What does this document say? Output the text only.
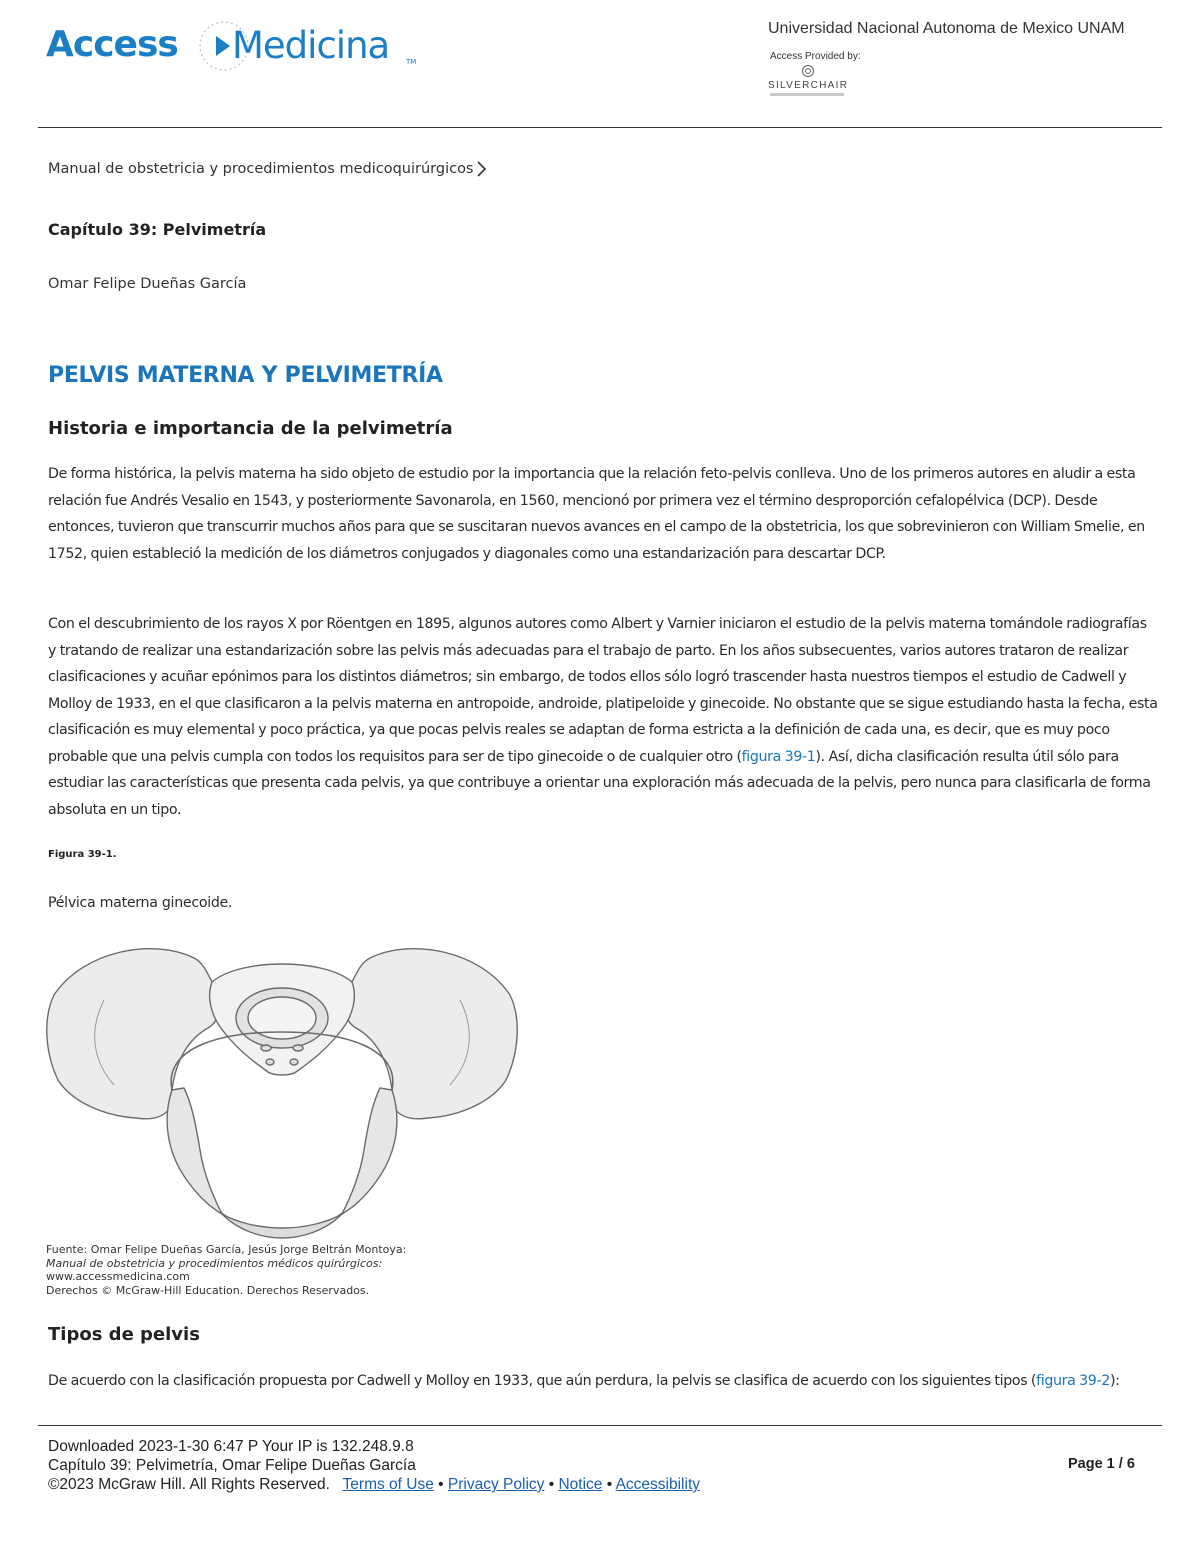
Access Medicina TM
Universidad Nacional Autonoma de Mexico UNAM
Access Provided by:
SILVERCHAIR
Manual de obstetricia y procedimientos medicoquirúrgicos
Capítulo 39: Pelvimetría
Omar Felipe Dueñas García
PELVIS MATERNA Y PELVIMETRÍA
Historia e importancia de la pelvimetría

De forma histórica, la pelvis materna ha sido objeto de estudio por la importancia que la relación feto-pelvis conlleva. Uno de los primeros autores en aludir a esta relación fue Andrés Vesalio en 1543, y posteriormente Savonarola, en 1560, mencionó por primera vez el término desproporción cefalopélvica (DCP). Desde entonces, tuvieron que transcurrir muchos años para que se suscitaran nuevos avances en el campo de la obstetricia, los que sobrevinieron con William Smelie, en 1752, quien estableció la medición de los diámetros conjugados y diagonales como una estandarización para descartar DCP.

Con el descubrimiento de los rayos X por Röentgen en 1895, algunos autores como Albert y Varnier iniciaron el estudio de la pelvis materna tomándole radiografías y tratando de realizar una estandarización sobre las pelvis más adecuadas para el trabajo de parto. En los años subsecuentes, varios autores trataron de realizar clasificaciones y acuñar epónimos para los distintos diámetros; sin embargo, de todos ellos sólo logró trascender hasta nuestros tiempos el estudio de Cadwell y Molloy de 1933, en el que clasificaron a la pelvis materna en antropoide, androide, platipeloide y ginecoide. No obstante que se sigue estudiando hasta la fecha, esta clasificación es muy elemental y poco práctica, ya que pocas pelvis reales se adaptan de forma estricta a la definición de cada una, es decir, que es muy poco probable que una pelvis cumpla con todos los requisitos para ser de tipo ginecoide o de cualquier otro (figura 39-1). Así, dicha clasificación resulta útil sólo para estudiar las características que presenta cada pelvis, ya que contribuye a orientar una exploración más adecuada de la pelvis, pero nunca para clasificarla de forma absoluta en un tipo.

Figura 39-1.
Pélvica materna ginecoide.
Fuente: Omar Felipe Dueñas García, Jesús Jorge Beltrán Montoya:
Manual de obstetricia y procedimientos médicos quirúrgicos:
www.accessmedicina.com
Derechos © McGraw-Hill Education. Derechos Reservados.
Tipos de pelvis

De acuerdo con la clasificación propuesta por Cadwell y Molloy en 1933, que aún perdura, la pelvis se clasifica de acuerdo con los siguientes tipos (figura 39-2):

Downloaded 2023-1-30 6:47 P Your IP is 132.248.9.8
Capítulo 39: Pelvimetría, Omar Felipe Dueñas García
©2023 McGraw Hill. All Rights Reserved. Terms of Use • Privacy Policy • Notice • Accessibility
Page 1 / 6
